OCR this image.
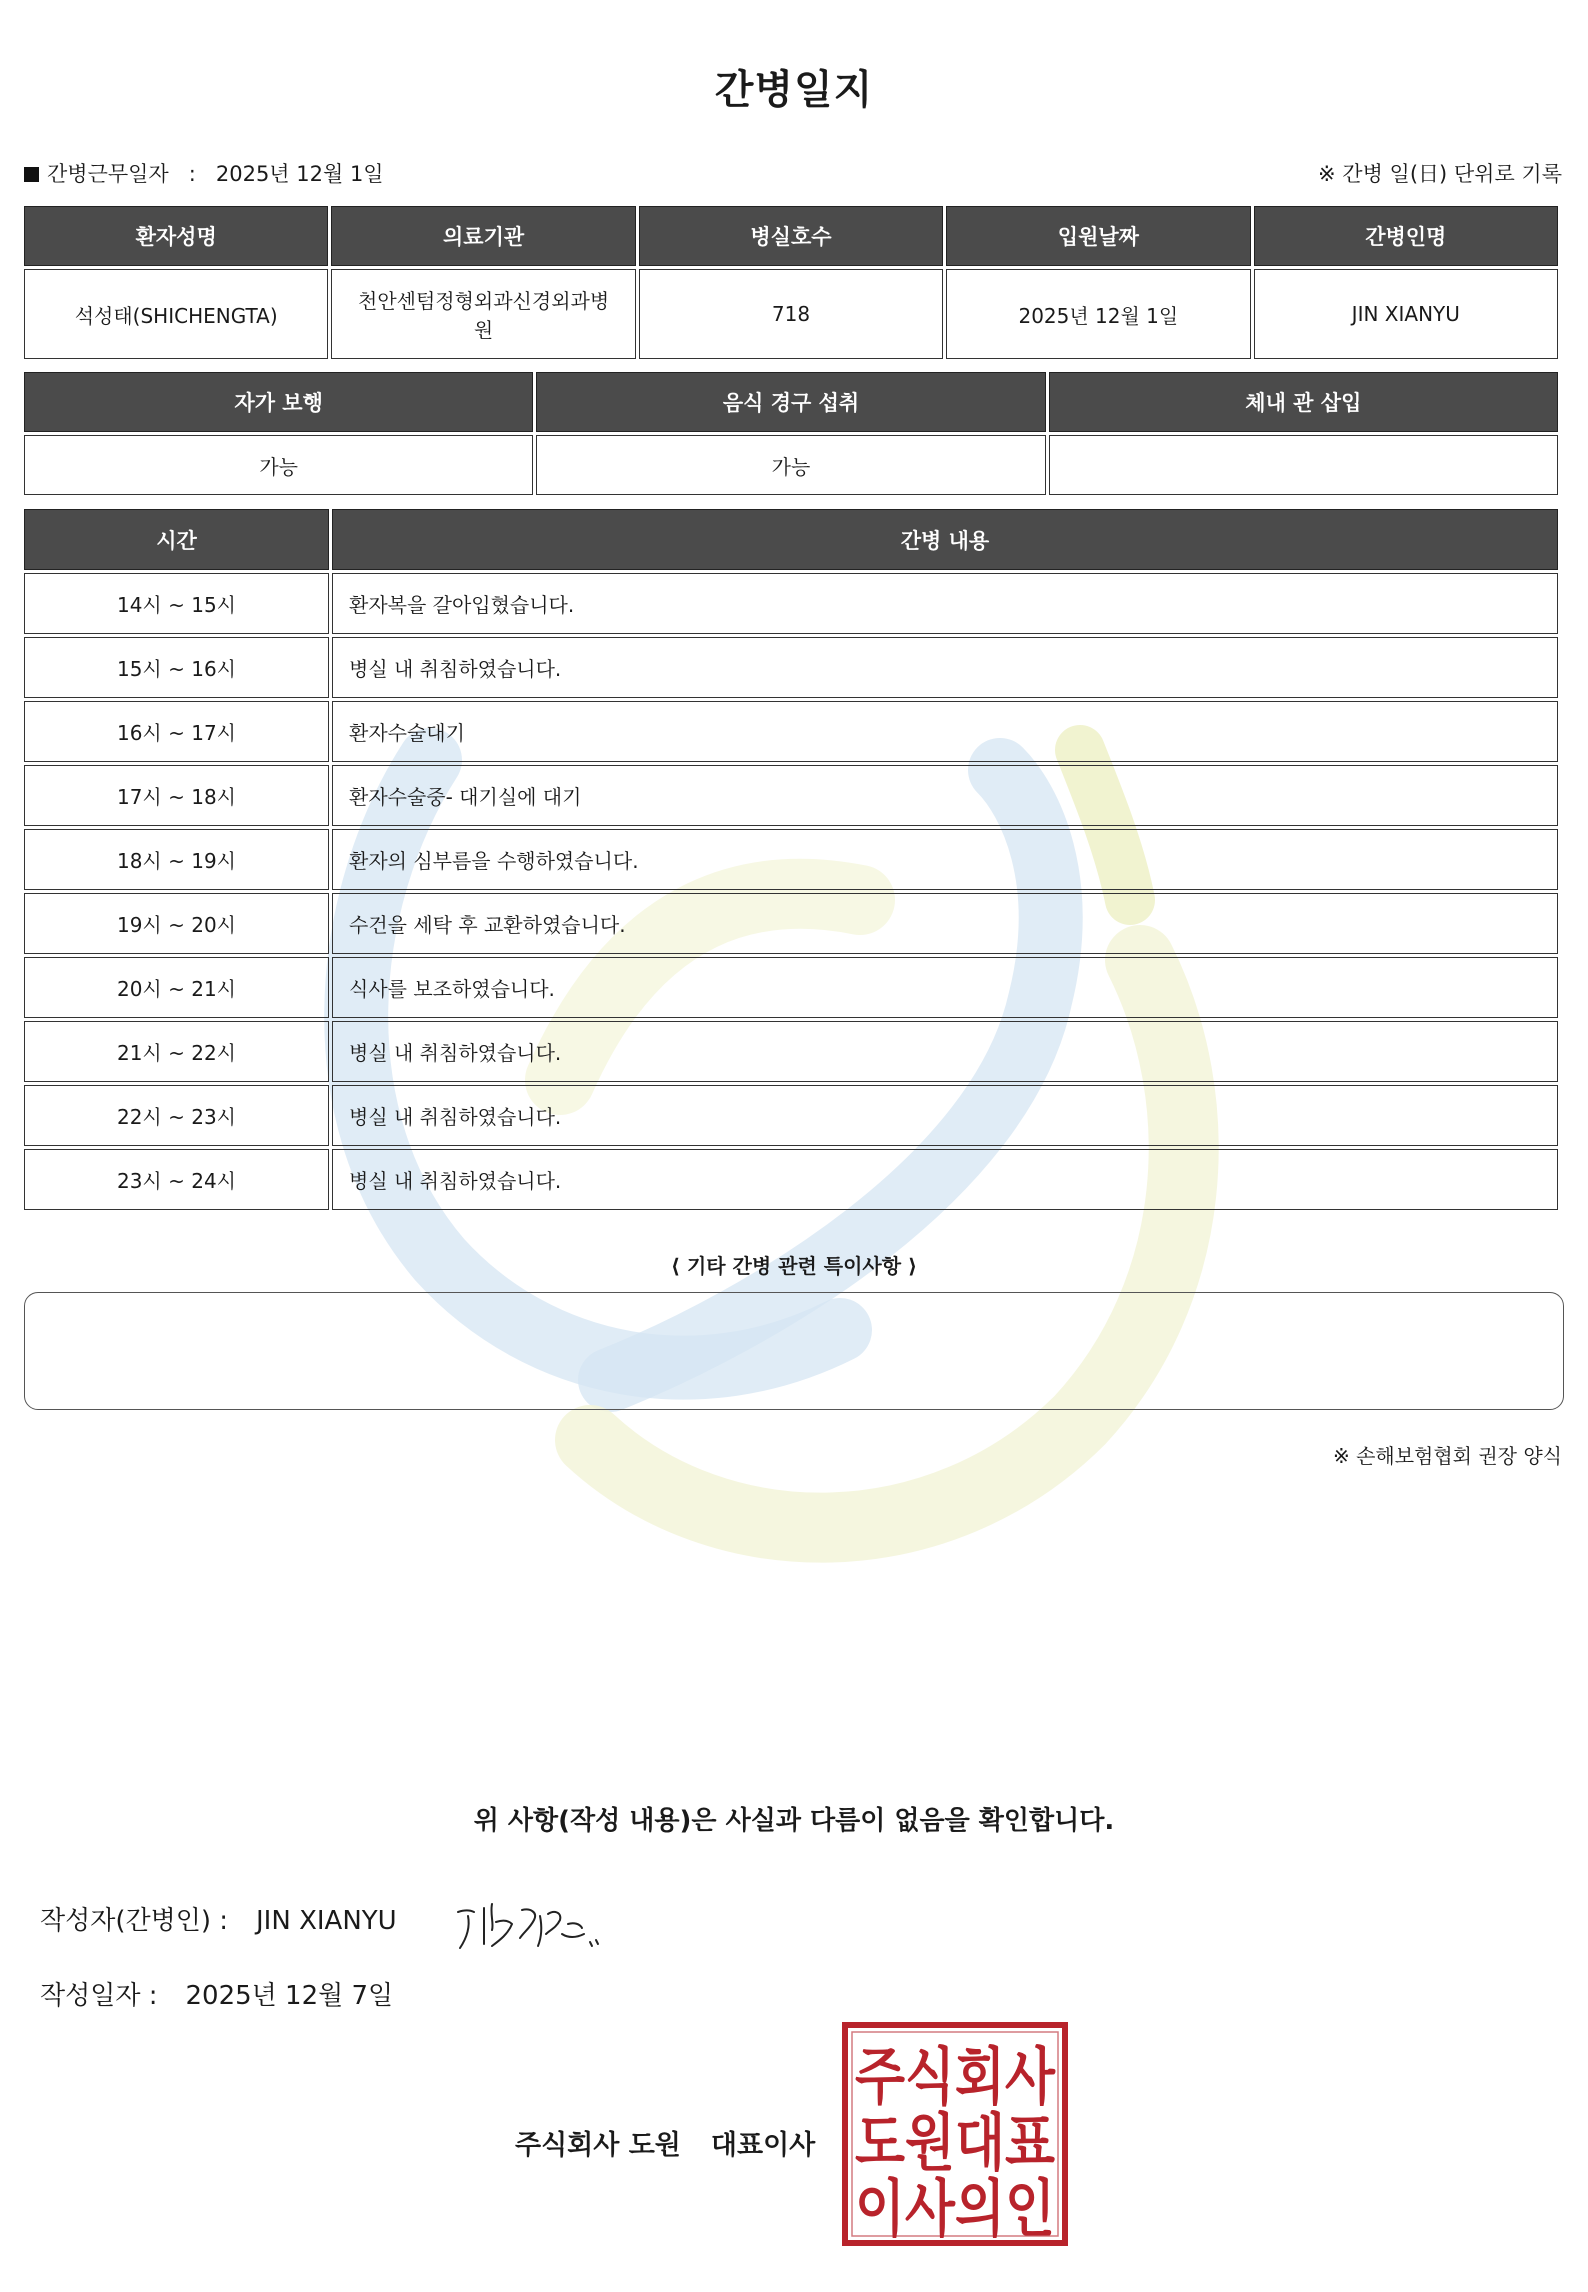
간병일지
간병근무일자 : 2025년 12월 1일	※ 간병 일(日) 단위로 기록
환자성명	의료기관	병실호수	입원날짜	간병인명
석성태(SHICHENGTA)	천안센텀정형외과신경외과병원	718	2025년 12월 1일	JIN XIANYU
자가 보행	음식 경구 섭취	체내 관 삽입
가능	가능	
시간	간병 내용
14시 ~ 15시	환자복을 갈아입혔습니다.
15시 ~ 16시	병실 내 취침하였습니다.
16시 ~ 17시	환자수술대기
17시 ~ 18시	환자수술중- 대기실에 대기
18시 ~ 19시	환자의 심부름을 수행하였습니다.
19시 ~ 20시	수건을 세탁 후 교환하였습니다.
20시 ~ 21시	식사를 보조하였습니다.
21시 ~ 22시	병실 내 취침하였습니다.
22시 ~ 23시	병실 내 취침하였습니다.
23시 ~ 24시	병실 내 취침하였습니다.
⟨ 기타 간병 관련 특이사항 ⟩
※ 손해보험협회 권장 양식
위 사항(작성 내용)은 사실과 다름이 없음을 확인합니다.
작성자(간병인) : JIN XIANYU
작성일자 : 2025년 12월 7일
주식회사 도원 대표이사
주식회사
도원대표
이사의인
